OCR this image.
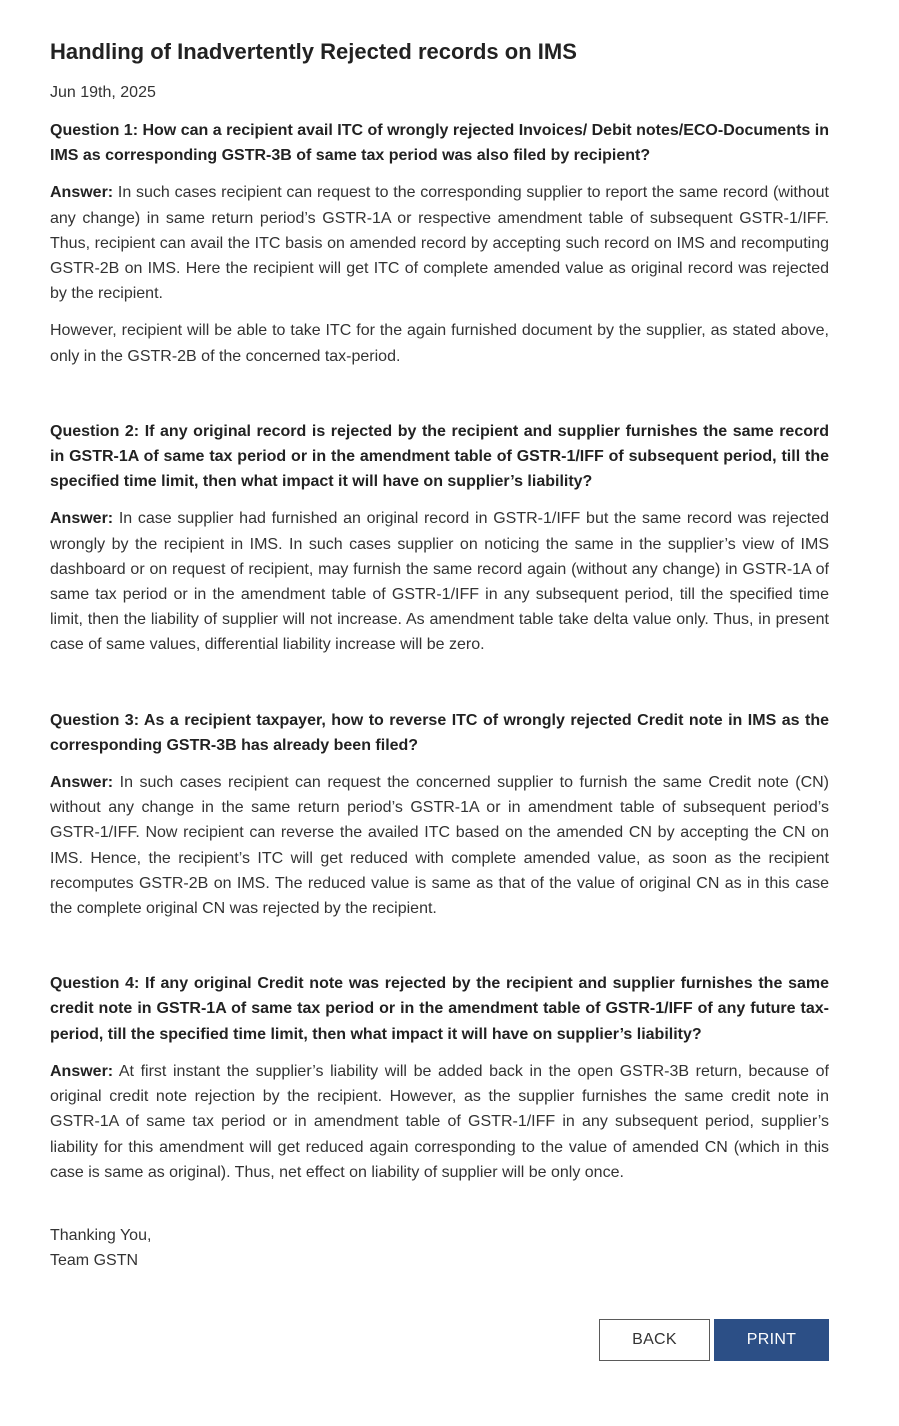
Handling of Inadvertently Rejected records on IMS
Jun 19th, 2025

Question 1: How can a recipient avail ITC of wrongly rejected Invoices/ Debit notes/ECO-Documents in IMS as corresponding GSTR-3B of same tax period was also filed by recipient?

Answer: In such cases recipient can request to the corresponding supplier to report the same record (without any change) in same return period’s GSTR-1A or respective amendment table of subsequent GSTR-1/IFF. Thus, recipient can avail the ITC basis on amended record by accepting such record on IMS and recomputing GSTR-2B on IMS. Here the recipient will get ITC of complete amended value as original record was rejected by the recipient.

However, recipient will be able to take ITC for the again furnished document by the supplier, as stated above, only in the GSTR-2B of the concerned tax-period.

Question 2: If any original record is rejected by the recipient and supplier furnishes the same record in GSTR-1A of same tax period or in the amendment table of GSTR-1/IFF of subsequent period, till the specified time limit, then what impact it will have on supplier’s liability?

Answer: In case supplier had furnished an original record in GSTR-1/IFF but the same record was rejected wrongly by the recipient in IMS. In such cases supplier on noticing the same in the supplier’s view of IMS dashboard or on request of recipient, may furnish the same record again (without any change) in GSTR-1A of same tax period or in the amendment table of GSTR-1/IFF in any subsequent period, till the specified time limit, then the liability of supplier will not increase. As amendment table take delta value only. Thus, in present case of same values, differential liability increase will be zero.

Question 3: As a recipient taxpayer, how to reverse ITC of wrongly rejected Credit note in IMS as the corresponding GSTR-3B has already been filed?

Answer: In such cases recipient can request the concerned supplier to furnish the same Credit note (CN) without any change in the same return period’s GSTR-1A or in amendment table of subsequent period’s GSTR-1/IFF. Now recipient can reverse the availed ITC based on the amended CN by accepting the CN on IMS. Hence, the recipient’s ITC will get reduced with complete amended value, as soon as the recipient recomputes GSTR-2B on IMS. The reduced value is same as that of the value of original CN as in this case the complete original CN was rejected by the recipient.

Question 4: If any original Credit note was rejected by the recipient and supplier furnishes the same credit note in GSTR-1A of same tax period or in the amendment table of GSTR-1/IFF of any future tax-period, till the specified time limit, then what impact it will have on supplier’s liability?

Answer: At first instant the supplier’s liability will be added back in the open GSTR-3B return, because of original credit note rejection by the recipient. However, as the supplier furnishes the same credit note in GSTR-1A of same tax period or in amendment table of GSTR-1/IFF in any subsequent period, supplier’s liability for this amendment will get reduced again corresponding to the value of amended CN (which in this case is same as original). Thus, net effect on liability of supplier will be only once.

Thanking You,
Team GSTN
BACK	PRINT
